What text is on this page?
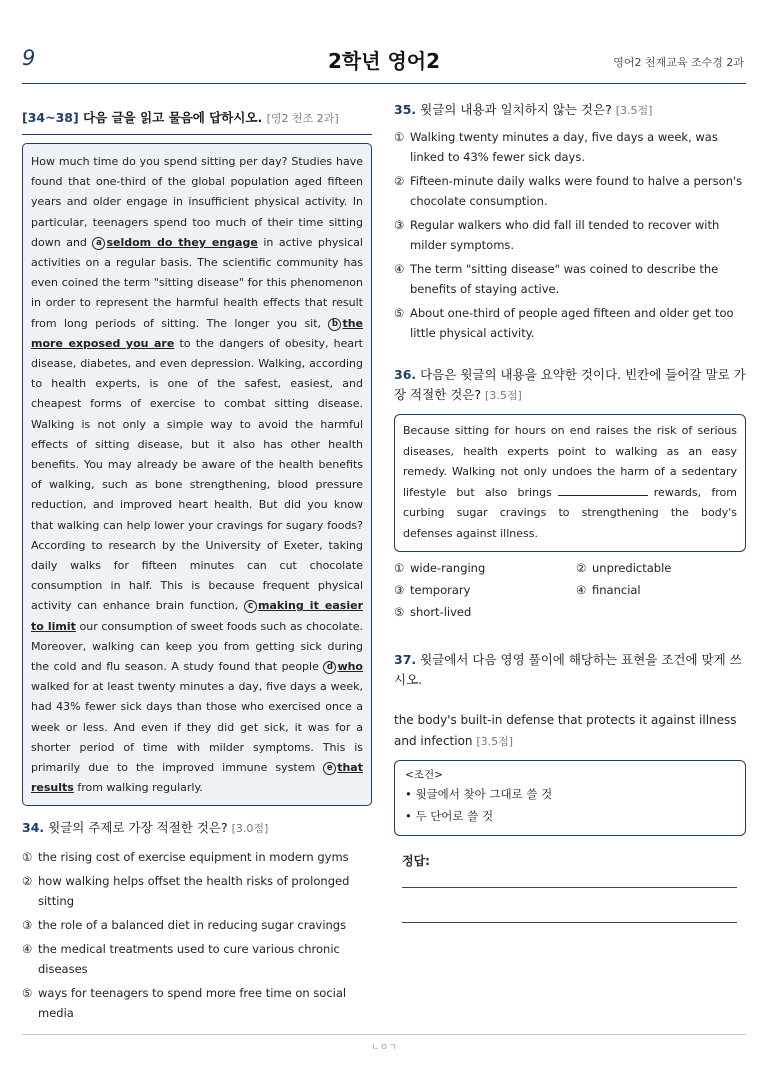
9	2학년 영어2	영어2 천재교육 조수경 2과
[34~38] 다음 글을 읽고 물음에 답하시오. [영2 천조 2과]
How much time do you spend sitting per day? Studies have found that one-third of the global population aged fifteen years and older engage in insufficient physical activity. In particular, teenagers spend too much of their time sitting down and a seldom do they engage in active physical activities on a regular basis. The scientific community has even coined the term "sitting disease" for this phenomenon in order to represent the harmful health effects that result from long periods of sitting. The longer you sit, b the more exposed you are to the dangers of obesity, heart disease, diabetes, and even depression. Walking, according to health experts, is one of the safest, easiest, and cheapest forms of exercise to combat sitting disease. Walking is not only a simple way to avoid the harmful effects of sitting disease, but it also has other health benefits. You may already be aware of the health benefits of walking, such as bone strengthening, blood pressure reduction, and improved heart health. But did you know that walking can help lower your cravings for sugary foods? According to research by the University of Exeter, taking daily walks for fifteen minutes can cut chocolate consumption in half. This is because frequent physical activity can enhance brain function, c making it easier to limit our consumption of sweet foods such as chocolate. Moreover, walking can keep you from getting sick during the cold and flu season. A study found that people d who walked for at least twenty minutes a day, five days a week, had 43% fewer sick days than those who exercised once a week or less. And even if they did get sick, it was for a shorter period of time with milder symptoms. This is primarily due to the improved immune system e that results from walking regularly.
34. 윗글의 주제로 가장 적절한 것은? [3.0점]
① the rising cost of exercise equipment in modern gyms
② how walking helps offset the health risks of prolonged sitting
③ the role of a balanced diet in reducing sugar cravings
④ the medical treatments used to cure various chronic diseases
⑤ ways for teenagers to spend more free time on social media
35. 윗글의 내용과 일치하지 않는 것은? [3.5점]
① Walking twenty minutes a day, five days a week, was linked to 43% fewer sick days.
② Fifteen-minute daily walks were found to halve a person's chocolate consumption.
③ Regular walkers who did fall ill tended to recover with milder symptoms.
④ The term "sitting disease" was coined to describe the benefits of staying active.
⑤ About one-third of people aged fifteen and older get too little physical activity.
36. 다음은 윗글의 내용을 요약한 것이다. 빈칸에 들어갈 말로 가장 적절한 것은? [3.5점]
Because sitting for hours on end raises the risk of serious diseases, health experts point to walking as an easy remedy. Walking not only undoes the harm of a sedentary lifestyle but also brings	rewards, from curbing sugar cravings to strengthening the body's defenses against illness.
① wide-ranging	② unpredictable
③ temporary	④ financial
⑤ short-lived
37. 윗글에서 다음 영영 풀이에 해당하는 표현을 조건에 맞게 쓰시오.
the body's built-in defense that protects it against illness and infection [3.5점]
<조건>
• 윗글에서 찾아 그대로 쓸 것
• 두 단어로 쓸 것
정답:
ㄴㅇㄱ
